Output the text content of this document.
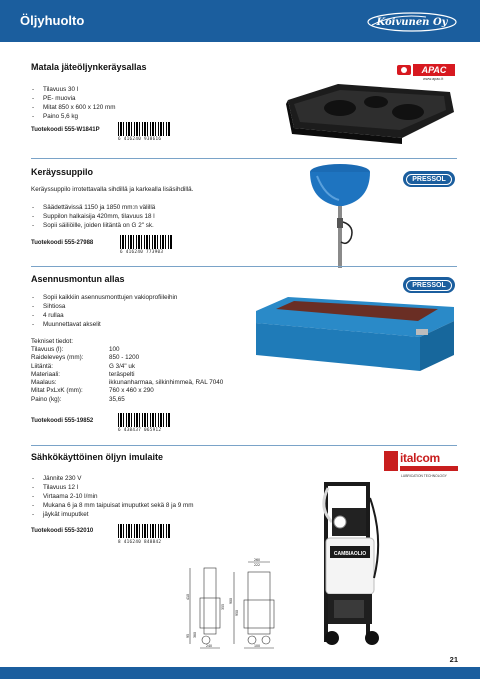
Öljyhuolto	Koivunen Oy
Matala jäteöljynkeräysallas	APAC
www.apac.it
- Tilavuus 30 l
- PE- muovia
- Mitat 850 x 600 x 120 mm
- Paino 5,6 kg
Tuotekoodi 555-W1841P
6 416240 938616
Keräyssuppilo
PRESSOL
Keräyssuppilo irrotettavalla sihdillä ja karkealla lisäsihdillä.
- Säädettävissä 1150 ja 1850 mm:n välillä
- Suppilon halkaisija 420mm, tilavuus 18 l
- Sopii säiliöille, joiden liitäntä on G 2" sk.
Tuotekoodi 555-27988
6 416240 773903
Asennusmontun allas
PRESSOL
- Sopii kaikkiin asennusmonttujen vakioprofiileihin
- Sihtiosa
- 4 rullaa
- Muunnettavat akselit
Tekniset tiedot:
Tilavuus (l):	100
Raideleveys (mm):	850 - 1200
Liitäntä:	G 3/4" uk
Materiaali:	teräspelti
Maalaus:	ikkunanharmaa, silkinhimmeä, RAL 7040
Mitat PxLxK (mm):	760 x 460 x 290
Paino (kg):	35,65
Tuotekoodi 555-19852
6 438437 065912
Sähkökäyttöinen öljyn imulaite	italcom
LUBRICATION TECHNOLOGY
- Jännite 230 V
- Tilavuus 12 l
- Virtaama 2-10 l/min
- Mukana 6 ja 8 mm taipuisat imuputket sekä 8 ja 9 mm
- jäykät imuputket
Tuotekoodi 555-32010
8 416240 848842
260
222
410
355
900
950
95 380
240	100
CAMBIAOLIO
21
